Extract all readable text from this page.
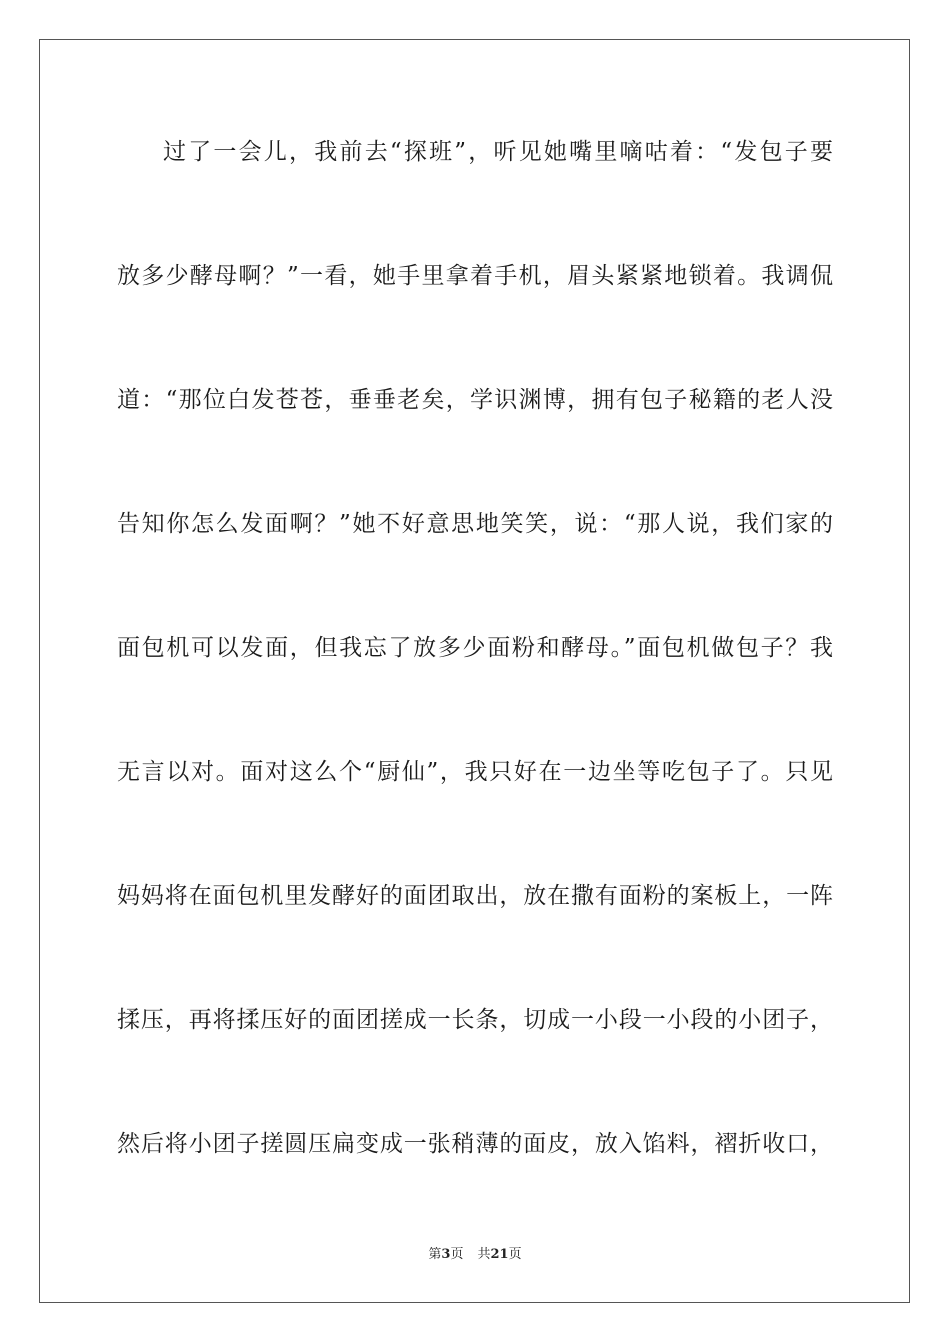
过了一会儿，我前去“探班”，听见她嘴里嘀咕着：“发包子要
放多少酵母啊？”一看，她手里拿着手机，眉头紧紧地锁着。我调侃
道：“那位白发苍苍，垂垂老矣，学识渊博，拥有包子秘籍的老人没
告知你怎么发面啊？”她不好意思地笑笑，说：“那人说，我们家的
面包机可以发面，但我忘了放多少面粉和酵母。”面包机做包子？我
无言以对。面对这么个“厨仙”，我只好在一边坐等吃包子了。只见
妈妈将在面包机里发酵好的面团取出，放在撒有面粉的案板上，一阵
揉压，再将揉压好的面团搓成一长条，切成一小段一小段的小团子，
然后将小团子搓圆压扁变成一张稍薄的面皮，放入馅料，褶折收口，
第3页 共21页
